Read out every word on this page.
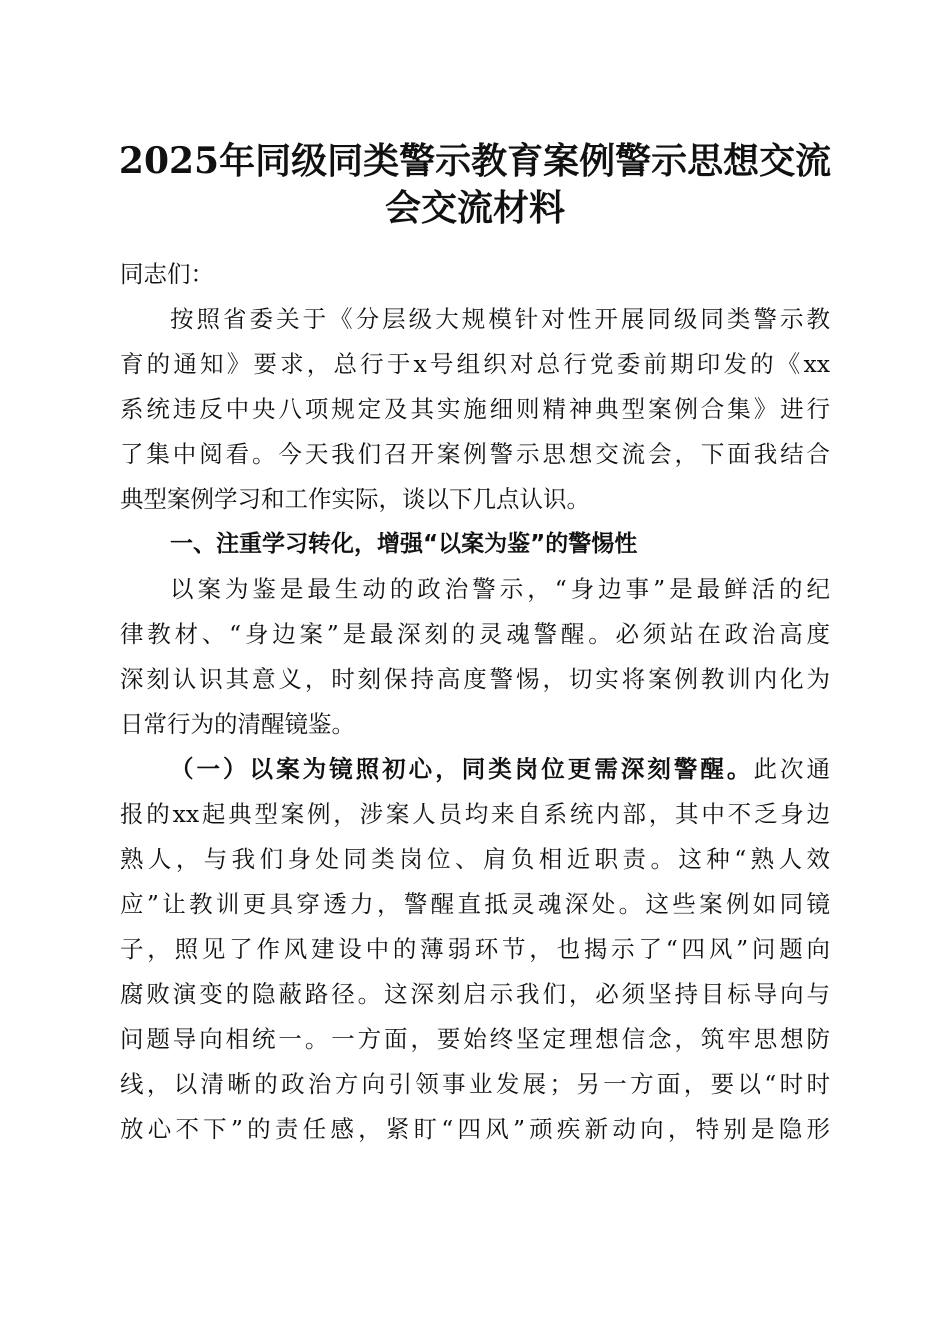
2025年同级同类警示教育案例警示思想交流
会交流材料
同志们：
按照省委关于《分层级大规模针对性开展同级同类警示教
育的通知》要求，总行于x号组织对总行党委前期印发的《xx
系统违反中央八项规定及其实施细则精神典型案例合集》进行
了集中阅看。今天我们召开案例警示思想交流会，下面我结合
典型案例学习和工作实际，谈以下几点认识。
一、注重学习转化，增强“以案为鉴”的警惕性
以案为鉴是最生动的政治警示，“身边事”是最鲜活的纪
律教材、“身边案”是最深刻的灵魂警醒。必须站在政治高度
深刻认识其意义，时刻保持高度警惕，切实将案例教训内化为
日常行为的清醒镜鉴。
（一）以案为镜照初心，同类岗位更需深刻警醒。此次通
报的xx起典型案例，涉案人员均来自系统内部，其中不乏身边
熟人，与我们身处同类岗位、肩负相近职责。这种“熟人效
应”让教训更具穿透力，警醒直抵灵魂深处。这些案例如同镜
子，照见了作风建设中的薄弱环节，也揭示了“四风”问题向
腐败演变的隐蔽路径。这深刻启示我们，必须坚持目标导向与
问题导向相统一。一方面，要始终坚定理想信念，筑牢思想防
线，以清晰的政治方向引领事业发展；另一方面，要以“时时
放心不下”的责任感，紧盯“四风”顽疾新动向，特别是隐形
